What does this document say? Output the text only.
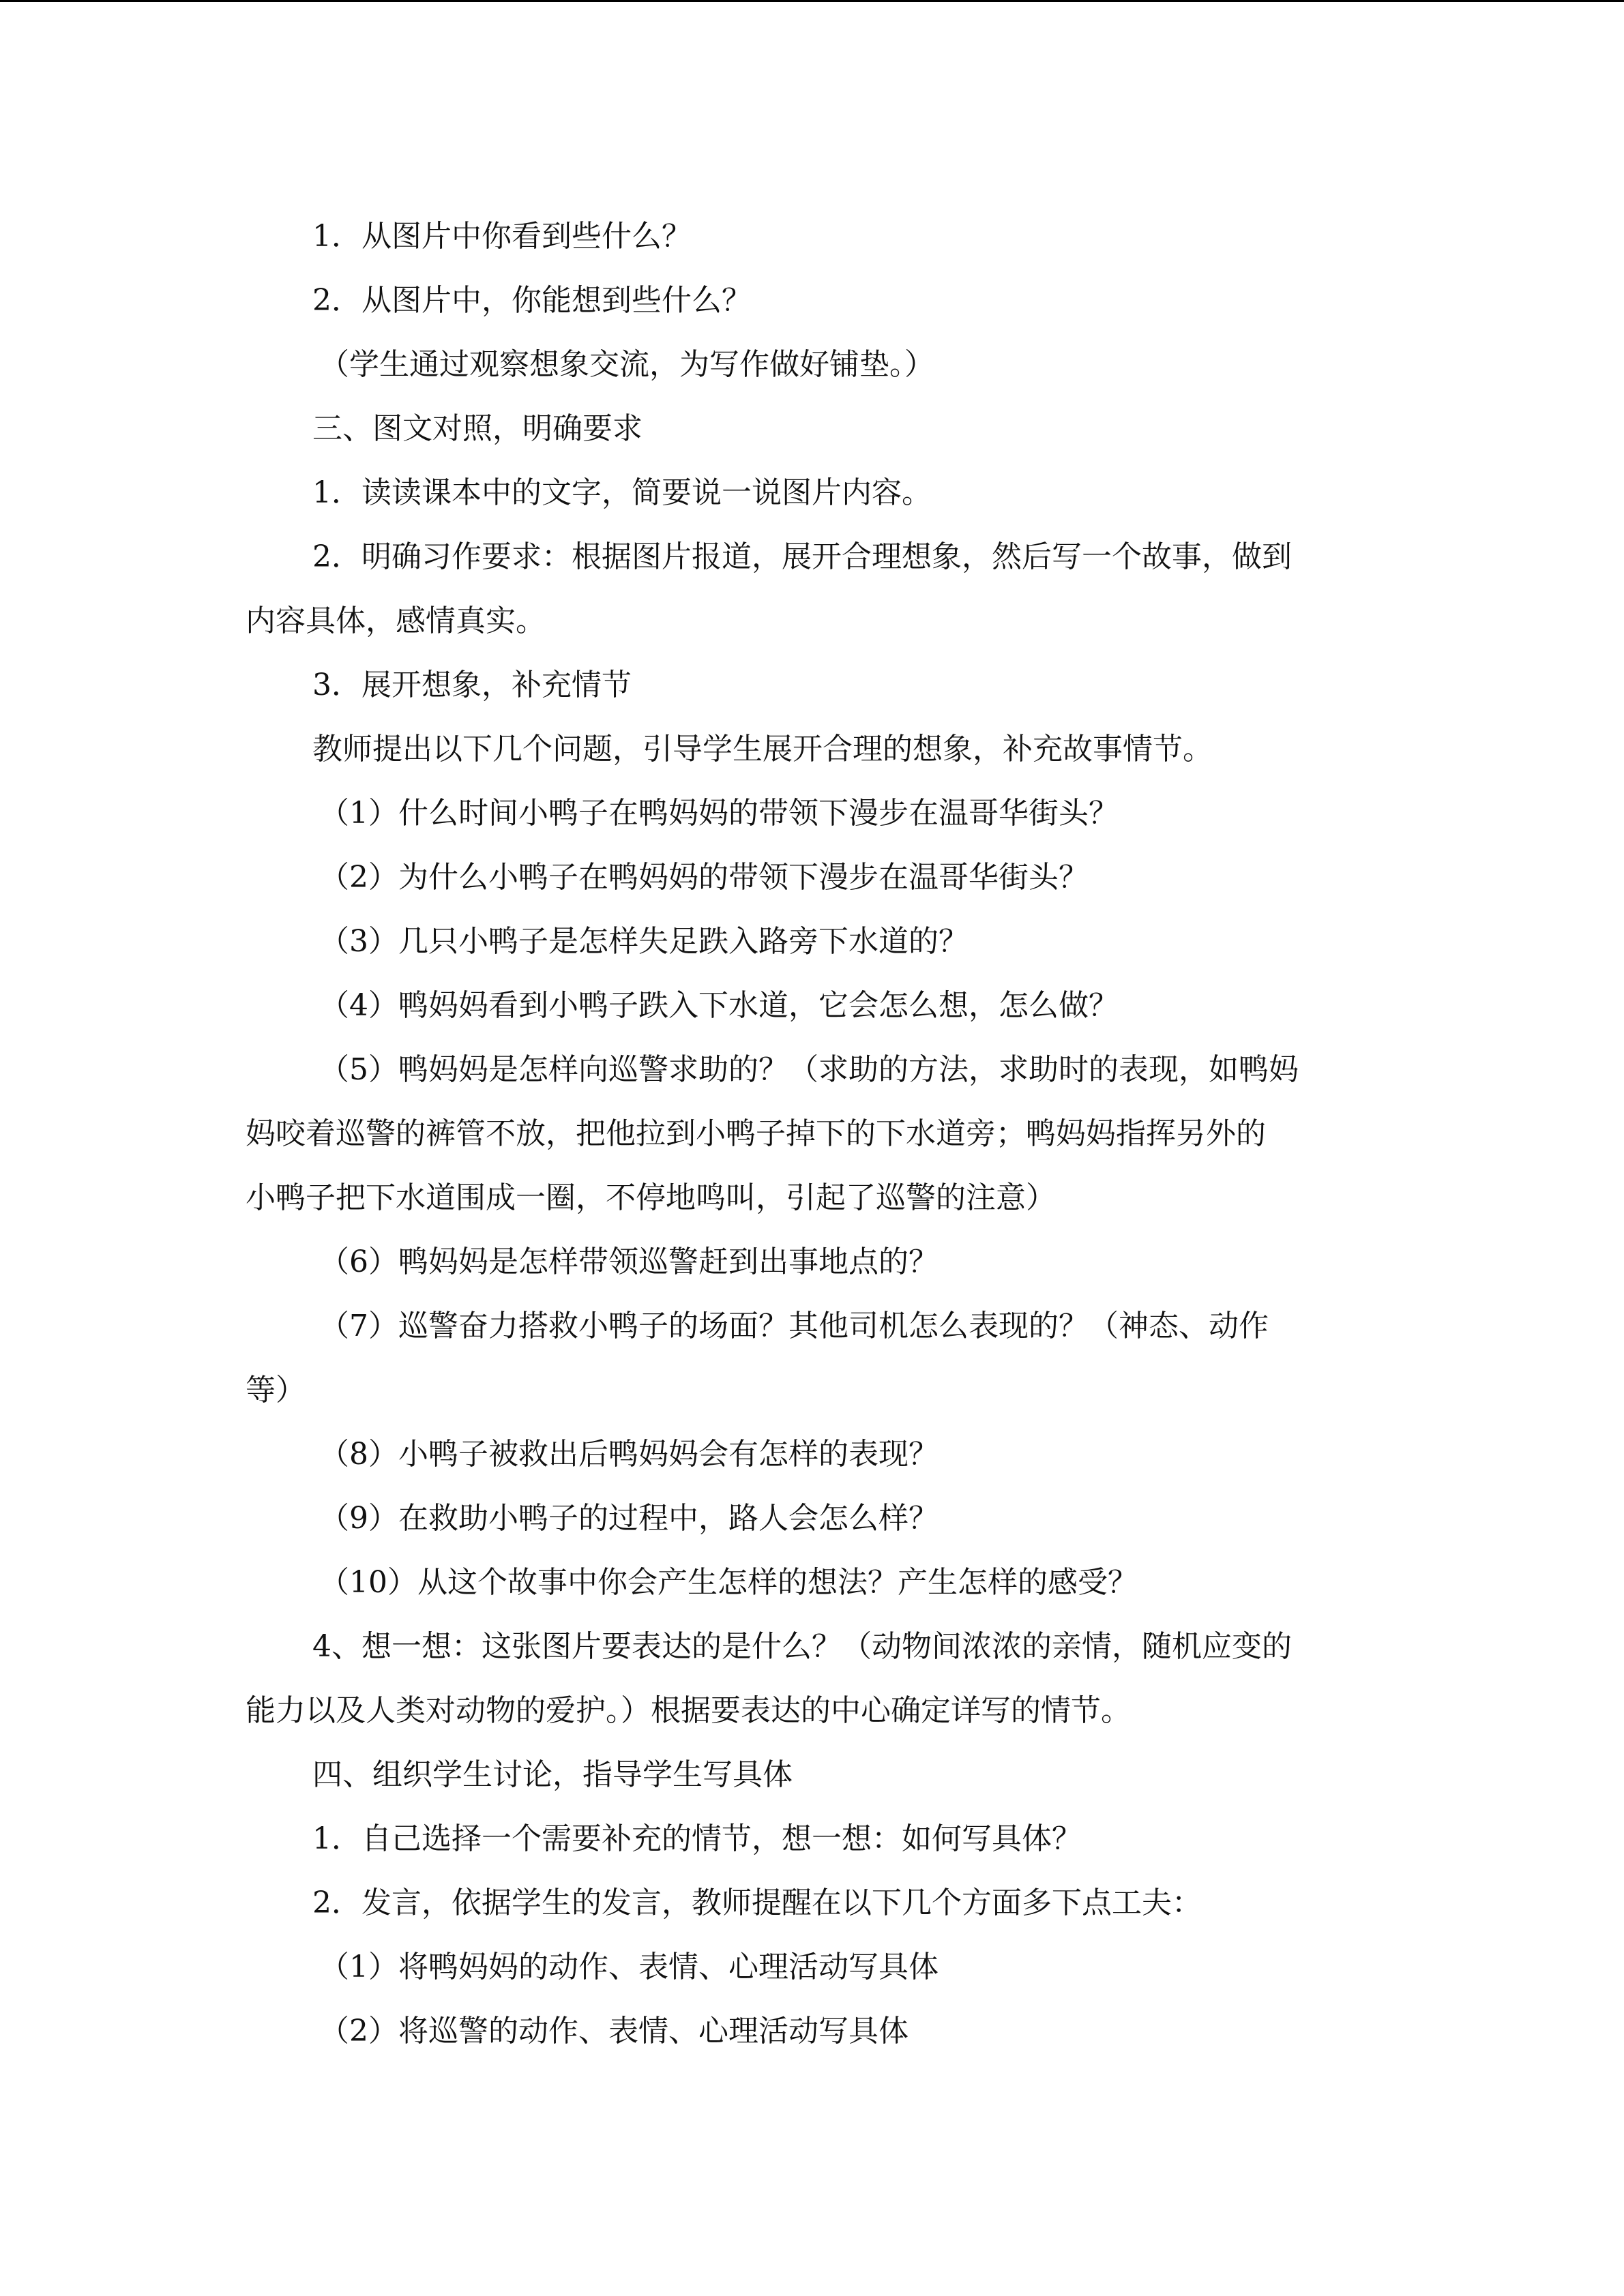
1．从图片中你看到些什么？
2．从图片中，你能想到些什么？
（学生通过观察想象交流，为写作做好铺垫。）
三、图文对照，明确要求
1．读读课本中的文字，简要说一说图片内容。
2．明确习作要求：根据图片报道，展开合理想象，然后写一个故事，做到
内容具体，感情真实。
3．展开想象，补充情节
教师提出以下几个问题，引导学生展开合理的想象，补充故事情节。
（1）什么时间小鸭子在鸭妈妈的带领下漫步在温哥华街头？
（2）为什么小鸭子在鸭妈妈的带领下漫步在温哥华街头？
（3）几只小鸭子是怎样失足跌入路旁下水道的？
（4）鸭妈妈看到小鸭子跌入下水道，它会怎么想，怎么做？
（5）鸭妈妈是怎样向巡警求助的？（求助的方法，求助时的表现，如鸭妈
妈咬着巡警的裤管不放，把他拉到小鸭子掉下的下水道旁；鸭妈妈指挥另外的
小鸭子把下水道围成一圈，不停地鸣叫，引起了巡警的注意）
（6）鸭妈妈是怎样带领巡警赶到出事地点的？
（7）巡警奋力搭救小鸭子的场面？其他司机怎么表现的？（神态、动作
等）
（8）小鸭子被救出后鸭妈妈会有怎样的表现？
（9）在救助小鸭子的过程中，路人会怎么样？
（10）从这个故事中你会产生怎样的想法？产生怎样的感受？
4、想一想：这张图片要表达的是什么？（动物间浓浓的亲情，随机应变的
能力以及人类对动物的爱护。）根据要表达的中心确定详写的情节。
四、组织学生讨论，指导学生写具体
1．自己选择一个需要补充的情节，想一想：如何写具体？
2．发言，依据学生的发言，教师提醒在以下几个方面多下点工夫：
（1）将鸭妈妈的动作、表情、心理活动写具体
（2）将巡警的动作、表情、心理活动写具体
